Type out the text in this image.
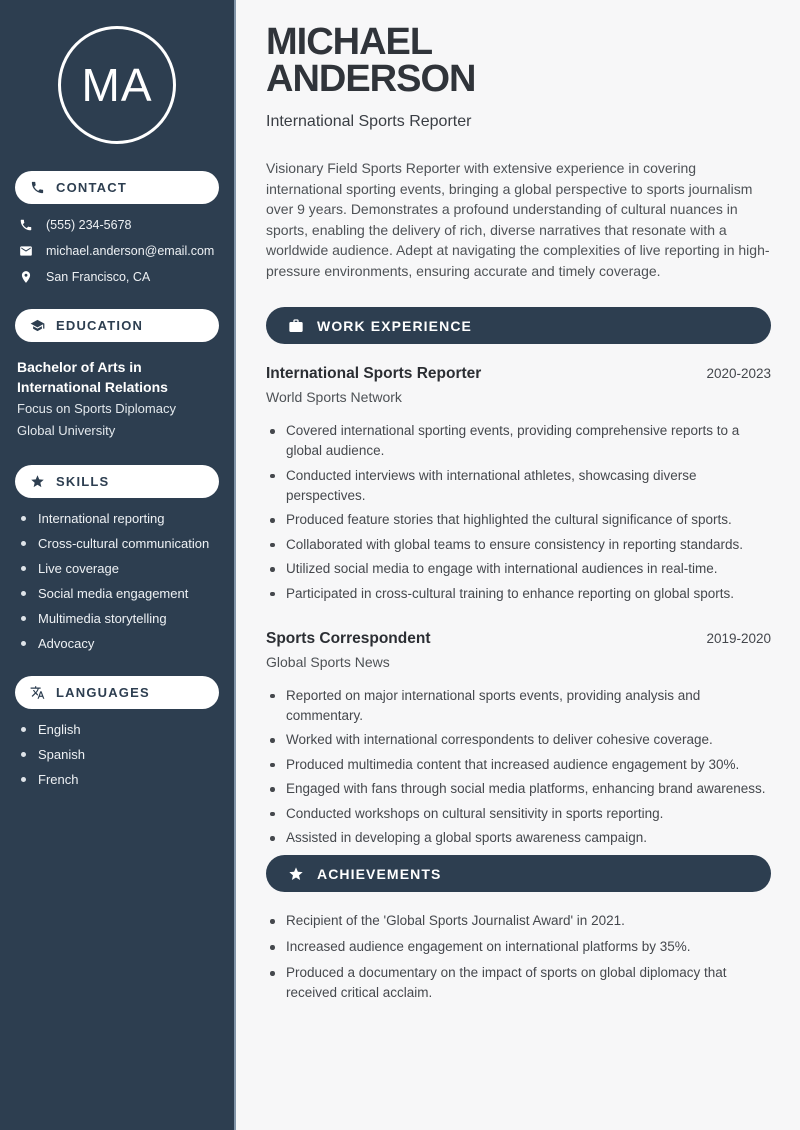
MA
CONTACT
(555) 234-5678
michael.anderson@email.com
San Francisco, CA
EDUCATION
Bachelor of Arts in International Relations
Focus on Sports Diplomacy
Global University
SKILLS
International reporting
Cross-cultural communication
Live coverage
Social media engagement
Multimedia storytelling
Advocacy
LANGUAGES
English
Spanish
French
MICHAEL
ANDERSON
International Sports Reporter
Visionary Field Sports Reporter with extensive experience in covering international sporting events, bringing a global perspective to sports journalism over 9 years. Demonstrates a profound understanding of cultural nuances in sports, enabling the delivery of rich, diverse narratives that resonate with a worldwide audience. Adept at navigating the complexities of live reporting in high-pressure environments, ensuring accurate and timely coverage.
WORK EXPERIENCE
International Sports Reporter	2020-2023
World Sports Network
Covered international sporting events, providing comprehensive reports to a global audience.
Conducted interviews with international athletes, showcasing diverse perspectives.
Produced feature stories that highlighted the cultural significance of sports.
Collaborated with global teams to ensure consistency in reporting standards.
Utilized social media to engage with international audiences in real-time.
Participated in cross-cultural training to enhance reporting on global sports.
Sports Correspondent	2019-2020
Global Sports News
Reported on major international sports events, providing analysis and commentary.
Worked with international correspondents to deliver cohesive coverage.
Produced multimedia content that increased audience engagement by 30%.
Engaged with fans through social media platforms, enhancing brand awareness.
Conducted workshops on cultural sensitivity in sports reporting.
Assisted in developing a global sports awareness campaign.
ACHIEVEMENTS
Recipient of the 'Global Sports Journalist Award' in 2021.
Increased audience engagement on international platforms by 35%.
Produced a documentary on the impact of sports on global diplomacy that received critical acclaim.
